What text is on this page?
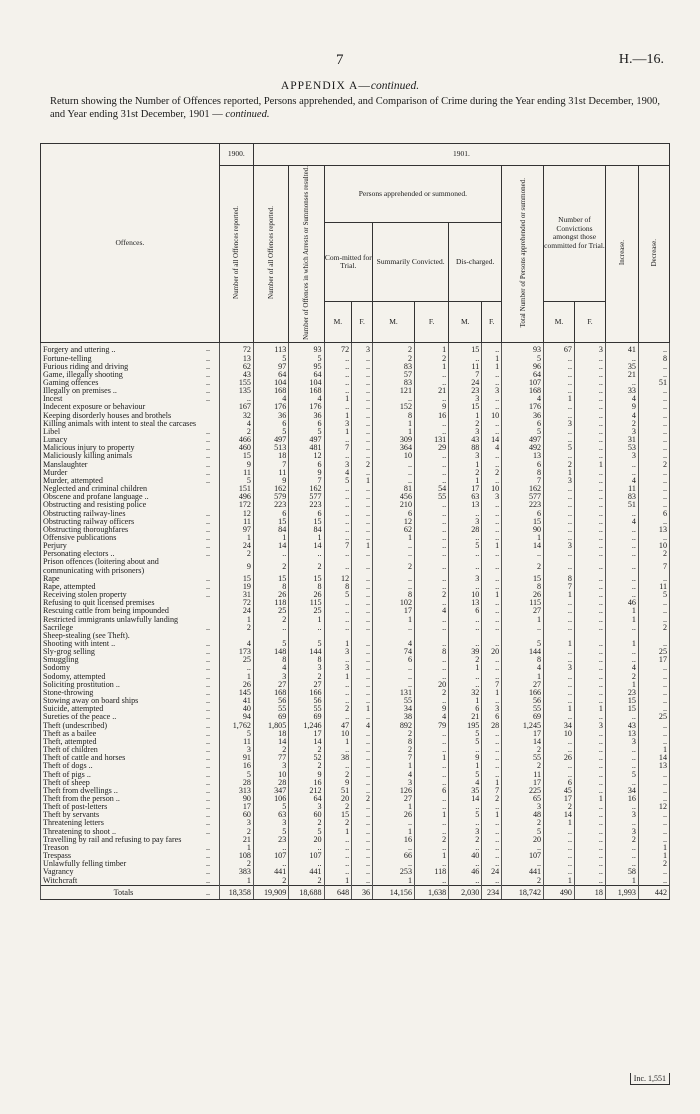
7	H.—16.
APPENDIX A—continued.
Return showing the Number of Offences reported, Persons apprehended, and Comparison of Crime during the Year ending 31st December, 1900, and Year ending 31st December, 1901 — continued.
Offences.		1900.	1901.												
		Number of all Offences reported.	Number of all Offences reported.	Number of Offences in which Arrests or Summonses resulted.	Persons apprehended or summoned.						Total Number of Persons apprehended or summoned.	Number of Convictions amongst those committed for Trial.		Increase.	Decrease.
					Com-mitted for Trial.		Summarily Convicted.		Dis-charged.						
					M.	F.	M.	F.	M.	F.		M.	F.		
Forgery and uttering ..	..	72	113	93	72	3	2	1	15	..	93	67	3	41	..
Fortune-telling	..	13	5	5	..	..	2	2	..	1	5	..	..	..	8
Furious riding and driving	..	62	97	95	..	..	83	1	11	1	96	..	..	35	..
Game, illegally shooting	..	43	64	64	..	..	57	..	7	..	64	..	..	21	..
Gaming offences	..	155	104	104	..	..	83	..	24	..	107	..	..	..	51
Illegally on premises ..	..	135	168	168	..	..	121	21	23	3	168	..	..	33	..
Incest	..	..	4	4	1	..	..	..	3	..	4	1	..	4	..
Indecent exposure or behaviour		167	176	176	..	..	152	9	15	..	176	..	..	9	..
Keeping disorderly houses and brothels		32	36	36	1	..	8	16	1	10	36	..	..	4	..
Killing animals with intent to steal the carcases		4	6	6	3	..	1	..	2	..	6	3	..	2	..
Libel	..	2	5	5	1	..	1	..	3	..	5	..	..	3	..
Lunacy	..	466	497	497	..	..	309	131	43	14	497	..	..	31	..
Malicious injury to property	..	460	513	481	7	..	364	29	88	4	492	5	..	53	..
Maliciously killing animals	..	15	18	12	..	..	10	..	3	..	13	..	..	3	..
Manslaughter	..	9	7	6	3	2	..	..	1	..	6	2	1	..	2
Murder	..	11	11	9	4	..	..	..	2	2	8	1	..	..	..
Murder, attempted	..	5	9	7	5	1	..	..	1	..	7	3	..	4	..
Neglected and criminal children		151	162	162	..	..	81	54	17	10	162	..	..	11	..
Obscene and profane language ..		496	579	577	..	..	456	55	63	3	577	..	..	83	..
Obstructing and resisting police		172	223	223	..	..	210	..	13	..	223	..	..	51	..
Obstructing railway-lines	..	12	6	6	..	..	6	..	..	..	6	..	..	..	6
Obstructing railway officers	..	11	15	15	..	..	12	..	3	..	15	..	..	4	..
Obstructing thoroughfares	..	97	84	84	..	..	62	..	28	..	90	..	..	..	13
Offensive publications	..	1	1	1	..	..	1	..	..	..	1	..	..	..	..
Perjury	..	24	14	14	7	1	..	..	5	1	14	3	..	..	10
Personating electors ..	..	2	..	..	..	..	..	..	..	..	..	..	..	..	2
Prison offences (loitering about and communicating with prisoners)		9	2	2	..	..	2	..	..	..	2	..	..	..	7
Rape	..	15	15	15	12	..	..	..	3	..	15	8	..	..	..
Rape, attempted	..	19	8	8	8	..	..	..	..	..	8	7	..	..	11
Receiving stolen property	..	31	26	26	5	..	8	2	10	1	26	1	..	..	5
Refusing to quit licensed premises		72	118	115	..	..	102	..	13	..	115	..	..	46	..
Rescuing cattle from being impounded		24	25	25	..	..	17	4	6	..	27	..	..	1	..
Restricted immigrants unlawfully landing		1	2	1	..	..	1	..	..	..	1	..	..	1	..
Sacrilege	..	2	..	..	..	..	..	..	..	..	..	..	..	..	2
Sheep-stealing (see Theft).															
Shooting with intent ..	..	4	5	5	1	..	4	..	..	..	5	1	..	1	..
Sly-grog selling	..	173	148	144	3	..	74	8	39	20	144	..	..	..	25
Smuggling	..	25	8	8	..	..	6	..	2	..	8	..	..	..	17
Sodomy	..	..	4	3	3	..	..	..	1	..	4	3	..	4	..
Sodomy, attempted	..	1	3	2	1	..	..	..	..	..	1	..	..	2	..
Soliciting prostitution ..	..	26	27	27	..	..	..	20	..	7	27	..	..	1	..
Stone-throwing	..	145	168	166	..	..	131	2	32	1	166	..	..	23	..
Stowing away on board ships	..	41	56	56	..	..	55	..	1	..	56	..	..	15	..
Suicide, attempted	..	40	55	55	2	1	34	9	6	3	55	1	1	15	..
Sureties of the peace ..	..	94	69	69	..	..	38	4	21	6	69	..	..	..	25
Theft (undescribed)	..	1,762	1,805	1,246	47	4	892	79	195	28	1,245	34	3	43	..
Theft as a bailee	..	5	18	17	10	..	2	..	5	..	17	10	..	13	..
Theft, attempted	..	11	14	14	1	..	8	..	5	..	14	..	..	3	..
Theft of children	..	3	2	2	..	..	2	..	..	..	2	..	..	..	1
Theft of cattle and horses	..	91	77	52	38	..	7	1	9	..	55	26	..	..	14
Theft of dogs ..	..	16	3	2	..	..	1	..	1	..	2	..	..	..	13
Theft of pigs ..	..	5	10	9	2	..	4	..	5	..	11	..	..	5	..
Theft of sheep	..	28	28	16	9	..	3	..	4	1	17	6	..	..	..
Theft from dwellings ..	..	313	347	212	51	..	126	6	35	7	225	45	..	34	..
Theft from the person ..	..	90	106	64	20	2	27	..	14	2	65	17	1	16	..
Theft of post-letters	..	17	5	3	2	..	1	..	..	..	3	2	..	..	12
Theft by servants	..	60	63	60	15	..	26	1	5	1	48	14	..	3	..
Threatening letters	..	3	3	2	2	..	..	..	..	..	2	1	..	..	..
Threatening to shoot ..	..	2	5	5	1	..	1	..	3	..	5	..	..	3	..
Travelling by rail and refusing to pay fares		21	23	20	..	..	16	2	2	..	20	..	..	2	..
Treason	..	1	..	..	..	..	..	..	..	..	..	..	..	..	1
Trespass	..	108	107	107	..	..	66	1	40	..	107	..	..	..	1
Unlawfully felling timber	..	2	..	..	..	..	..	..	..	..	..	..	..	..	2
Vagrancy	..	383	441	441	..	..	253	118	46	24	441	..	..	58	..
Witchcraft	..	1	2	2	1	..	1	..	..	..	2	1	..	1	..
Totals	..	18,358	19,909	18,688	648	36	14,156	1,638	2,030	234	18,742	490	18	1,993	442
Inc. 1,551
